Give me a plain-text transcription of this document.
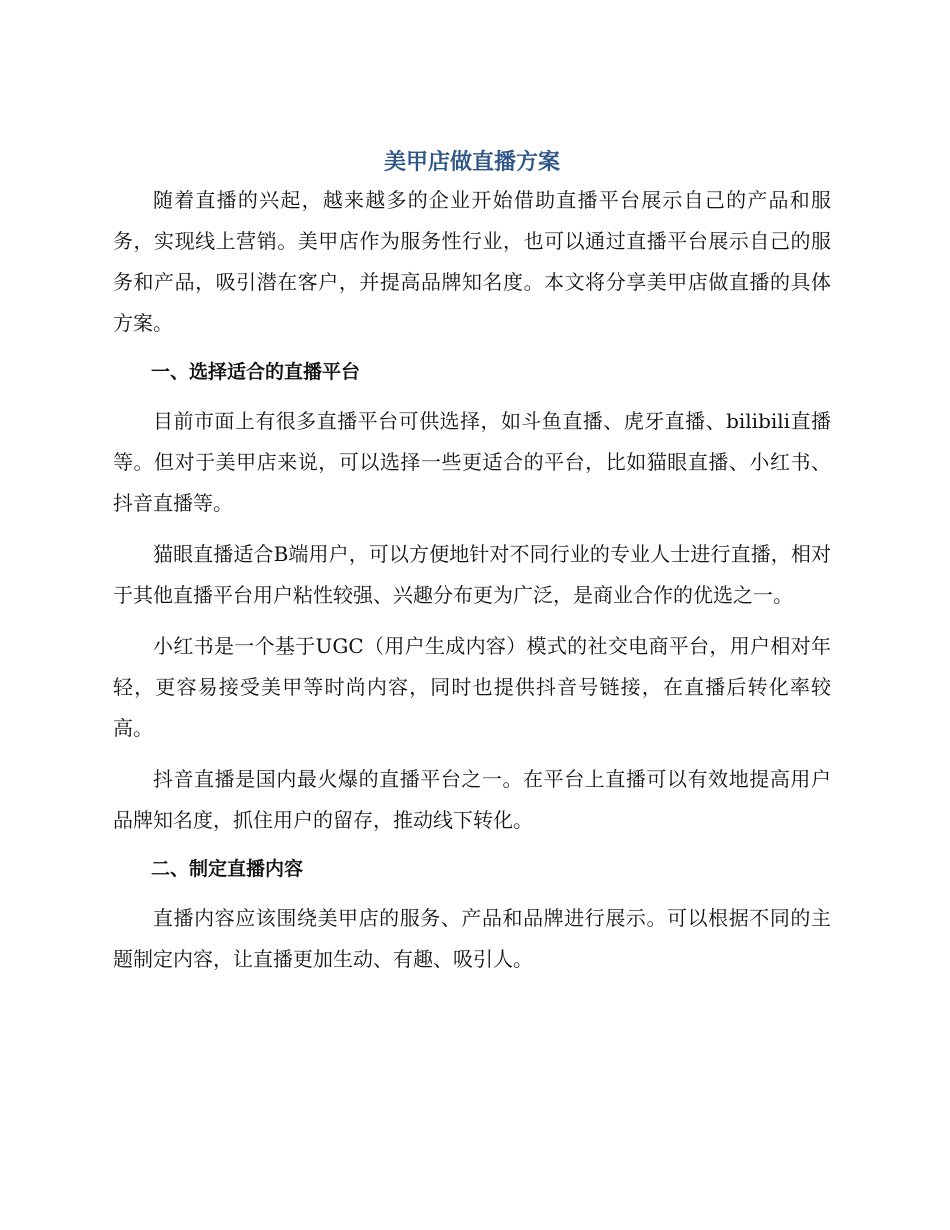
美甲店做直播方案

随着直播的兴起，越来越多的企业开始借助直播平台展示自己的产品和服务，实现线上营销。美甲店作为服务性行业，也可以通过直播平台展示自己的服务和产品，吸引潜在客户，并提高品牌知名度。本文将分享美甲店做直播的具体方案。

一、选择适合的直播平台

目前市面上有很多直播平台可供选择，如斗鱼直播、虎牙直播、bilibili直播等。但对于美甲店来说，可以选择一些更适合的平台，比如猫眼直播、小红书、抖音直播等。

猫眼直播适合B端用户，可以方便地针对不同行业的专业人士进行直播，相对于其他直播平台用户粘性较强、兴趣分布更为广泛，是商业合作的优选之一。

小红书是一个基于UGC（用户生成内容）模式的社交电商平台，用户相对年轻，更容易接受美甲等时尚内容，同时也提供抖音号链接，在直播后转化率较高。

抖音直播是国内最火爆的直播平台之一。在平台上直播可以有效地提高用户品牌知名度，抓住用户的留存，推动线下转化。

二、制定直播内容

直播内容应该围绕美甲店的服务、产品和品牌进行展示。可以根据不同的主题制定内容，让直播更加生动、有趣、吸引人。
